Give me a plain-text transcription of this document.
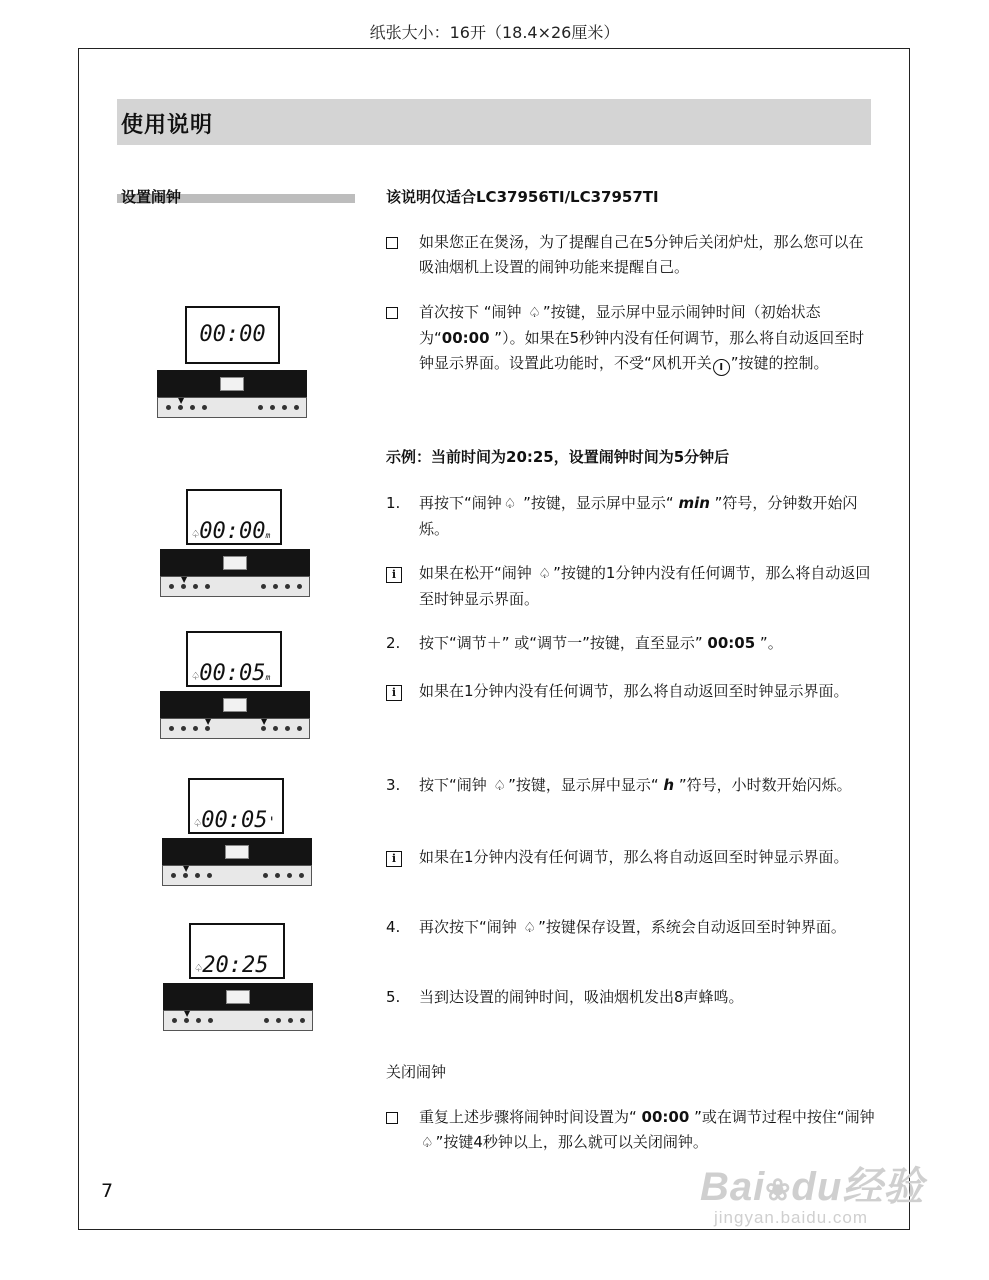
纸张大小：16开（18.4×26厘米）
使用说明
设置闹钟	该说明仅适合LC37956TI/LC37957TI
如果您正在煲汤，为了提醒自己在5分钟后关闭炉灶，那么您可以在吸油烟机上设置的闹钟功能来提醒自己。
首次按下 “闹钟 ♤ ”按键，显示屏中显示闹钟时间（初始状态为“00:00 ”）。如果在5秒钟内没有任何调节，那么将自动返回至时钟显示界面。设置此功能时，不受“风机开关 I ”按键的控制。
示例：当前时间为20:25，设置闹钟时间为5分钟后
1.	再按下“闹钟 ♤ ”按键，显示屏中显示“ min ”符号，分钟数开始闪烁。
i	如果在松开“闹钟 ♤ ”按键的1分钟内没有任何调节，那么将自动返回至时钟显示界面。
2.	按下“调节＋” 或“调节一”按键，直至显示” 00:05 ”。
i	如果在1分钟内没有任何调节，那么将自动返回至时钟显示界面。
3.	按下“闹钟 ♤ ”按键，显示屏中显示“ h ”符号，小时数开始闪烁。
i	如果在1分钟内没有任何调节，那么将自动返回至时钟显示界面。
4.	再次按下“闹钟 ♤ ”按键保存设置，系统会自动返回至时钟界面。
5.	当到达设置的闹钟时间，吸油烟机发出8声蜂鸣。
关闭闹钟
重复上述步骤将闹钟时间设置为“ 00:00 ”或在调节过程中按住“闹钟 ♤ ”按键4秒钟以上，那么就可以关闭闹钟。
00:00
▼
♤00:00m
▼
♤00:05m
▼	▼
♤00:05'
▼
♤20:25
▼
7	Bai❀du经验
jingyan.baidu.com
